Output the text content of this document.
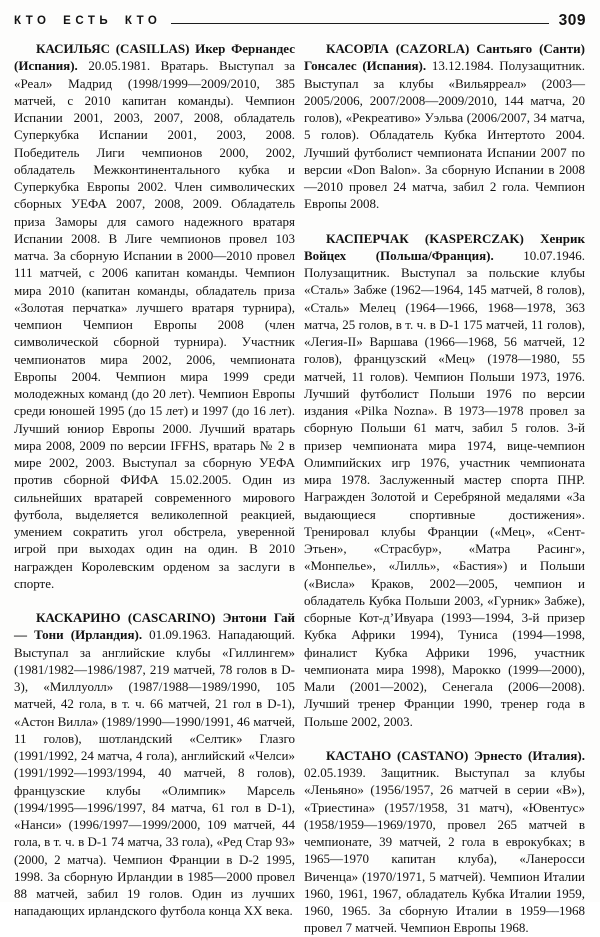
КТО ЕСТЬ КТО	309

КАСИЛЬЯС (CASILLAS) Икер Фернандес (Испания). 20.05.1981. Вратарь. Выступал за «Реал» Мадрид (1998/1999—2009/2010, 385 матчей, с 2010 капитан команды). Чемпион Испании 2001, 2003, 2007, 2008, обладатель Суперкубка Испании 2001, 2003, 2008. Победитель Лиги чемпионов 2000, 2002, обладатель Межконтинентального кубка и Суперкубка Европы 2002. Член символических сборных УЕФА 2007, 2008, 2009. Обладатель приза Заморы для самого надежного вратаря Испании 2008. В Лиге чемпионов провел 103 матча. За сборную Испании в 2000—2010 провел 111 матчей, с 2006 капитан команды. Чемпион мира 2010 (капитан команды, обладатель приза «Золотая перчатка» лучшего вратаря турнира), чемпион Чемпион Европы 2008 (член символической сборной турнира). Участник чемпионатов мира 2002, 2006, чемпионата Европы 2004. Чемпион мира 1999 среди молодежных команд (до 20 лет). Чемпион Европы среди юношей 1995 (до 15 лет) и 1997 (до 16 лет). Лучший юниор Европы 2000. Лучший вратарь мира 2008, 2009 по версии IFFHS, вратарь № 2 в мире 2002, 2003. Выступал за сборную УЕФА против сборной ФИФА 15.02.2005. Один из сильнейших вратарей современного мирового футбола, выделяется великолепной реакцией, умением сократить угол обстрела, уверенной игрой при выходах один на один. В 2010 награжден Королевским орденом за заслуги в спорте.

КАСКАРИНО (CASCARINO) Энтони Гай — Тони (Ирландия). 01.09.1963. Нападающий. Выступал за английские клубы «Гиллингем» (1981/1982—1986/1987, 219 матчей, 78 голов в D-3), «Миллуолл» (1987/1988—1989/1990, 105 матчей, 42 гола, в т. ч. 66 матчей, 21 гол в D-1), «Астон Вилла» (1989/1990—1990/1991, 46 матчей, 11 голов), шотландский «Селтик» Глазго (1991/1992, 24 матча, 4 гола), английский «Челси» (1991/1992—1993/1994, 40 матчей, 8 голов), французские клубы «Олимпик» Марсель (1994/1995—1996/1997, 84 матча, 61 гол в D-1), «Нанси» (1996/1997—1999/2000, 109 матчей, 44 гола, в т. ч. в D-1 74 матча, 33 гола), «Ред Стар 93» (2000, 2 матча). Чемпион Франции в D-2 1995, 1998. За сборную Ирландии в 1985—2000 провел 88 матчей, забил 19 голов. Один из лучших нападающих ирландского футбола конца XX века.

КАСОРЛА (CAZORLA) Сантьяго (Санти) Гонсалес (Испания). 13.12.1984. Полузащитник. Выступал за клубы «Вильярреал» (2003—2005/2006, 2007/2008—2009/2010, 144 матча, 20 голов), «Рекреативо» Уэльва (2006/2007, 34 матча, 5 голов). Обладатель Кубка Интертото 2004. Лучший футболист чемпионата Испании 2007 по версии «Don Balon». За сборную Испании в 2008—2010 провел 24 матча, забил 2 гола. Чемпион Европы 2008.

КАСПЕРЧАК (KASPERCZAK) Хенрик Войцех (Польша/Франция). 10.07.1946. Полузащитник. Выступал за польские клубы «Сталь» Забже (1962—1964, 145 матчей, 8 голов), «Сталь» Мелец (1964—1966, 1968—1978, 363 матча, 25 голов, в т. ч. в D-1 175 матчей, 11 голов), «Легия-II» Варшава (1966—1968, 56 матчей, 12 голов), французский «Мец» (1978—1980, 55 матчей, 11 голов). Чемпион Польши 1973, 1976. Лучший футболист Польши 1976 по версии издания «Pilka Nozna». В 1973—1978 провел за сборную Польши 61 матч, забил 5 голов. 3-й призер чемпионата мира 1974, вице-чемпион Олимпийских игр 1976, участник чемпионата мира 1978. Заслуженный мастер спорта ПНР. Награжден Золотой и Серебряной медалями «За выдающиеся спортивные достижения». Тренировал клубы Франции («Мец», «Сент-Этьен», «Страсбур», «Матра Расинг», «Монпелье», «Лилль», «Бастия») и Польши («Висла» Краков, 2002—2005, чемпион и обладатель Кубка Польши 2003, «Гурник» Забже), сборные Кот-д’Ивуара (1993—1994, 3-й призер Кубка Африки 1994), Туниса (1994—1998, финалист Кубка Африки 1996, участник чемпионата мира 1998), Марокко (1999—2000), Мали (2001—2002), Сенегала (2006—2008). Лучший тренер Франции 1990, тренер года в Польше 2002, 2003.

КАСТАНО (CASTANO) Эрнесто (Италия). 02.05.1939. Защитник. Выступал за клубы «Леньяно» (1956/1957, 26 матчей в серии «В»), «Триестина» (1957/1958, 31 матч), «Ювентус» (1958/1959—1969/1970, провел 265 матчей в чемпионате, 39 матчей, 2 гола в еврокубках; в 1965—1970 капитан клуба), «Ланеросси Виченца» (1970/1971, 5 матчей). Чемпион Италии 1960, 1961, 1967, обладатель Кубка Италии 1959, 1960, 1965. За сборную Италии в 1959—1968 провел 7 матчей. Чемпион Европы 1968.
